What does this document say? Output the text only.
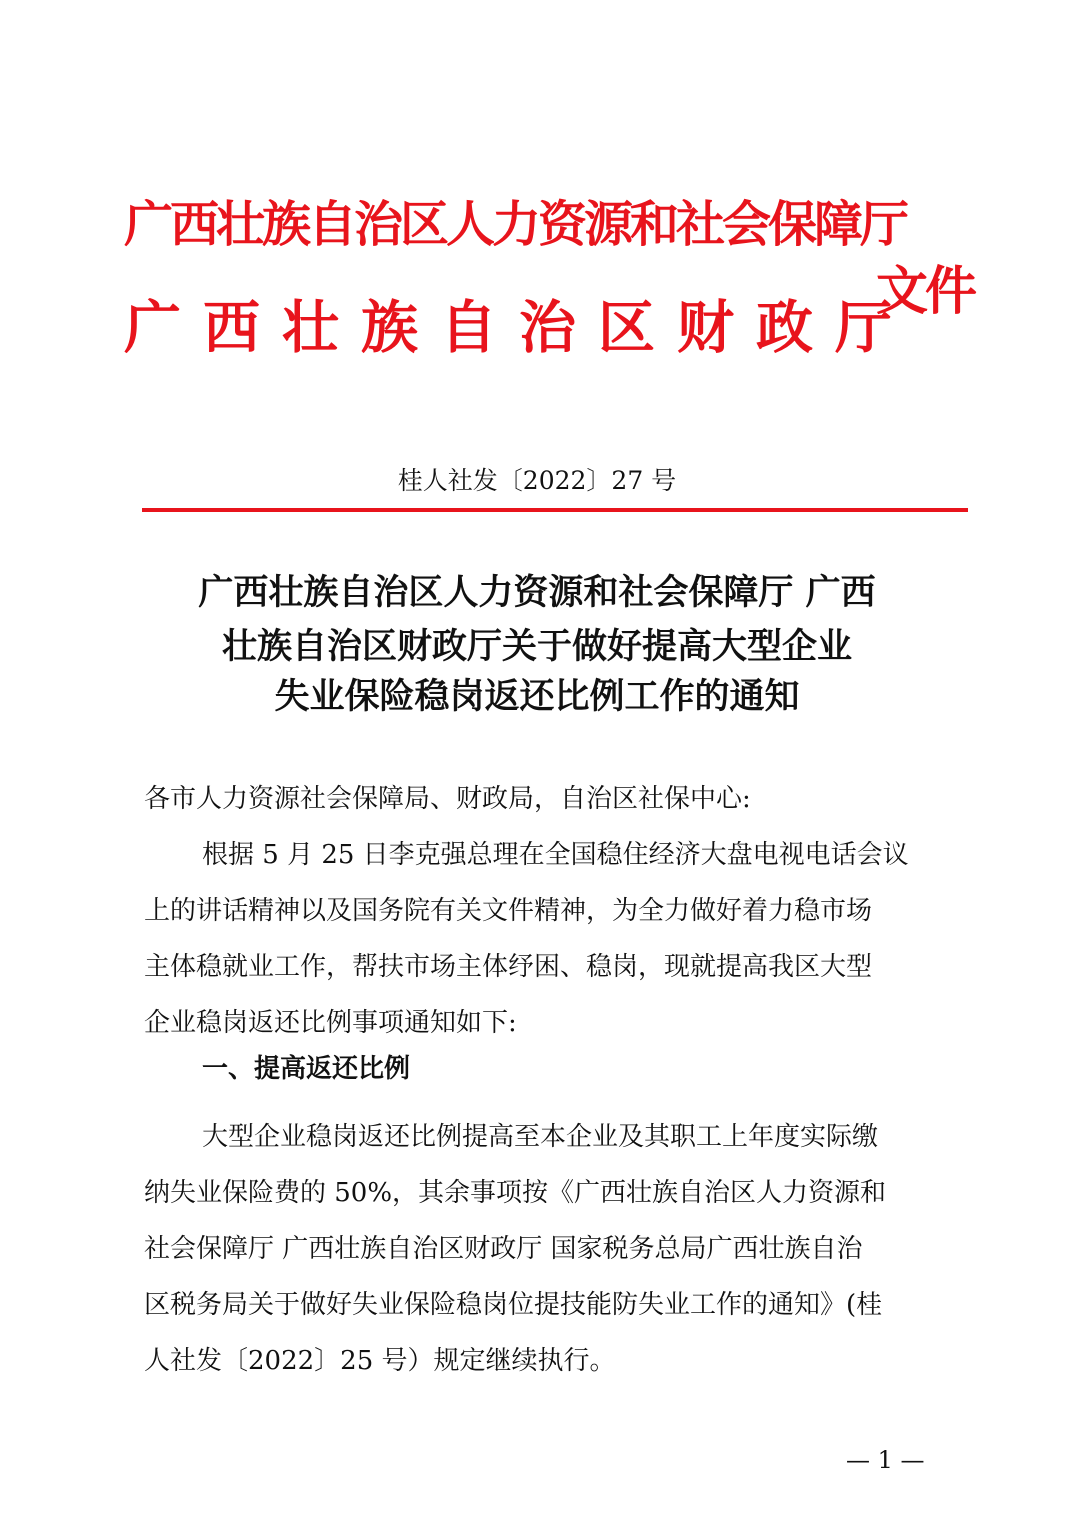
广西壮族自治区人力资源和社会保障厅
广西壮族自治区财政厅
文件
桂人社发〔2022〕27 号
广西壮族自治区人力资源和社会保障厅 广西
壮族自治区财政厅关于做好提高大型企业
失业保险稳岗返还比例工作的通知
各市人力资源社会保障局、财政局，自治区社保中心:
根据 5 月 25 日李克强总理在全国稳住经济大盘电视电话会议
上的讲话精神以及国务院有关文件精神，为全力做好着力稳市场
主体稳就业工作，帮扶市场主体纾困、稳岗，现就提高我区大型
企业稳岗返还比例事项通知如下:
一、提高返还比例
大型企业稳岗返还比例提高至本企业及其职工上年度实际缴
纳失业保险费的 50%，其余事项按《广西壮族自治区人力资源和
社会保障厅 广西壮族自治区财政厅 国家税务总局广西壮族自治
区税务局关于做好失业保险稳岗位提技能防失业工作的通知》(桂
人社发〔2022〕25 号）规定继续执行。
— 1 —
